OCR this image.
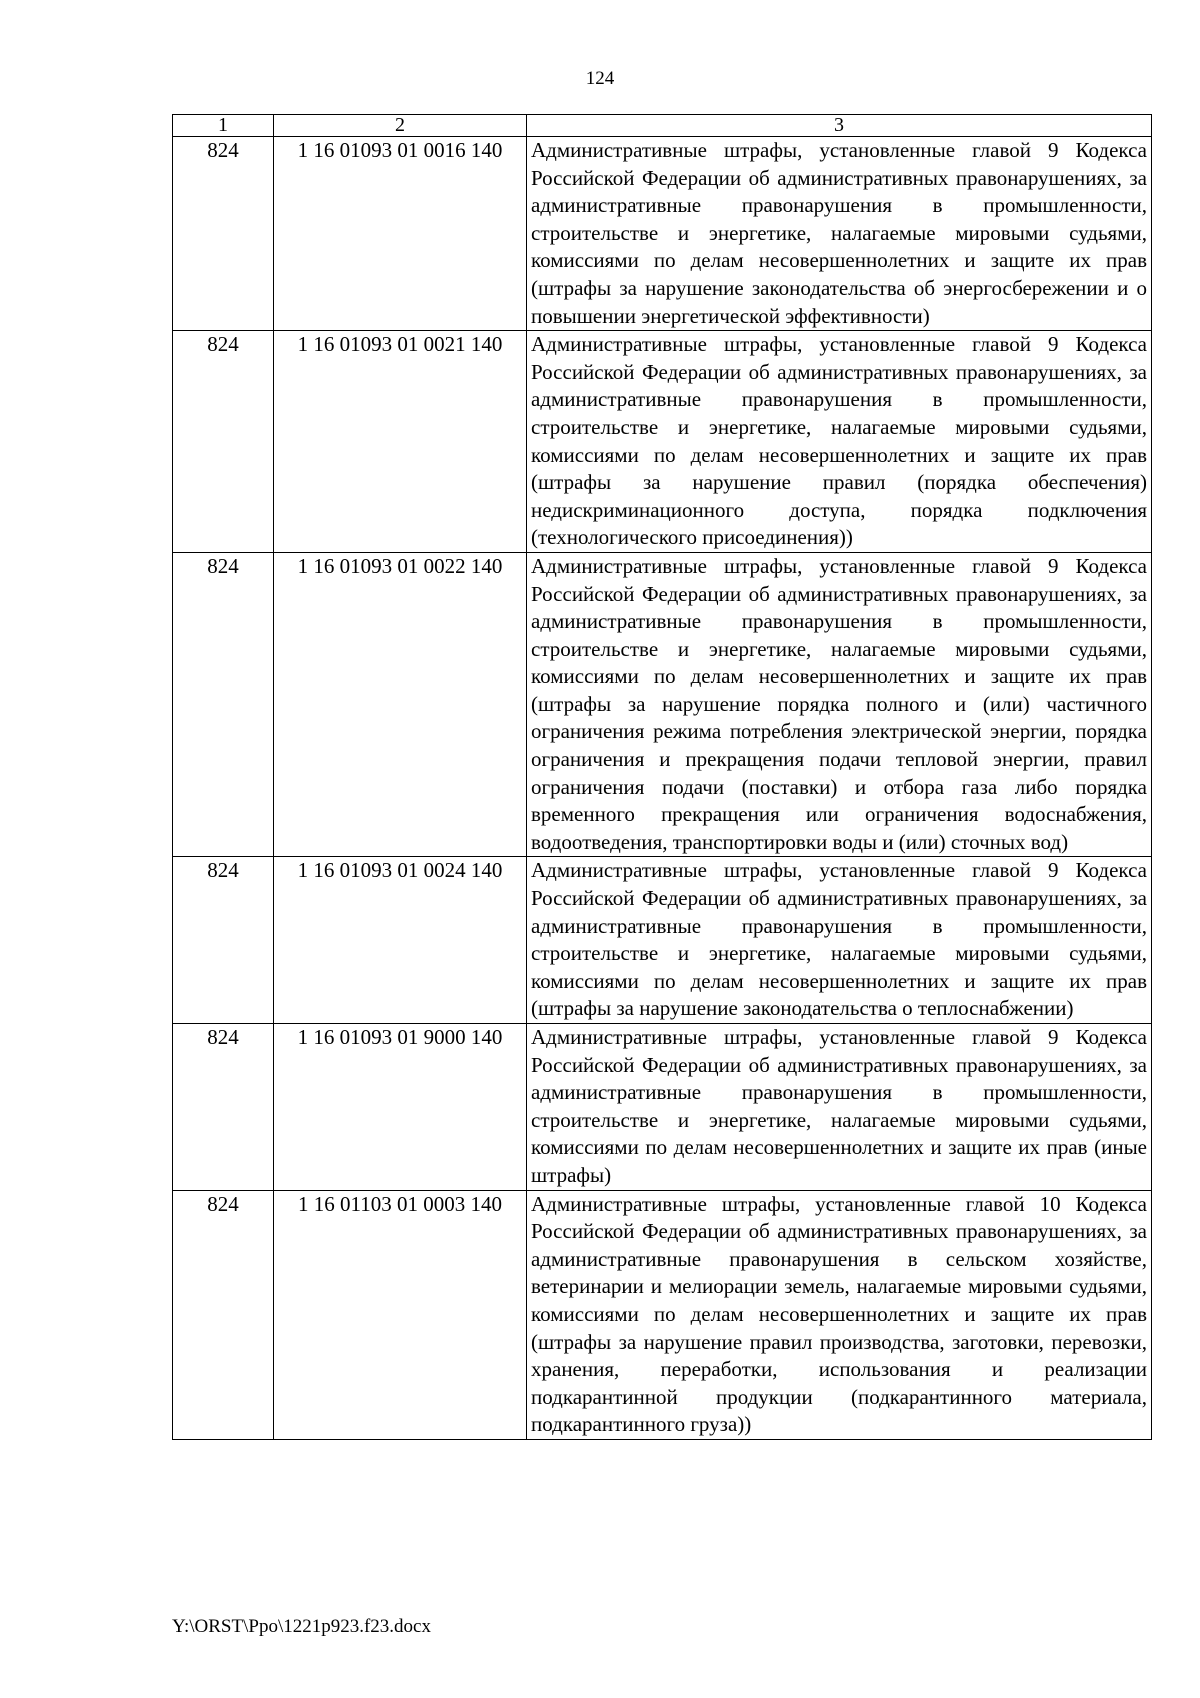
124
1	2	3
824	1 16 01093 01 0016 140	Административные штрафы, установленные главой 9 Кодекса Российской Федерации об административных правонарушениях, за административные правонарушения в промышленности, строительстве и энергетике, налагаемые мировыми судьями, комиссиями по делам несовершеннолетних и защите их прав (штрафы за нарушение законодательства об энергосбережении и о повышении энергетической эффективности)
824	1 16 01093 01 0021 140	Административные штрафы, установленные главой 9 Кодекса Российской Федерации об административных правонарушениях, за административные правонарушения в промышленности, строительстве и энергетике, налагаемые мировыми судьями, комиссиями по делам несовершеннолетних и защите их прав (штрафы за нарушение правил (порядка обеспечения) недискриминационного доступа, порядка подключения (технологического присоединения))
824	1 16 01093 01 0022 140	Административные штрафы, установленные главой 9 Кодекса Российской Федерации об административных правонарушениях, за административные правонарушения в промышленности, строительстве и энергетике, налагаемые мировыми судьями, комиссиями по делам несовершеннолетних и защите их прав (штрафы за нарушение порядка полного и (или) частичного ограничения режима потребления электрической энергии, порядка ограничения и прекращения подачи тепловой энергии, правил ограничения подачи (поставки) и отбора газа либо порядка временного прекращения или ограничения водоснабжения, водоотведения, транспортировки воды и (или) сточных вод)
824	1 16 01093 01 0024 140	Административные штрафы, установленные главой 9 Кодекса Российской Федерации об административных правонарушениях, за административные правонарушения в промышленности, строительстве и энергетике, налагаемые мировыми судьями, комиссиями по делам несовершеннолетних и защите их прав (штрафы за нарушение законодательства о теплоснабжении)
824	1 16 01093 01 9000 140	Административные штрафы, установленные главой 9 Кодекса Российской Федерации об административных правонарушениях, за административные правонарушения в промышленности, строительстве и энергетике, налагаемые мировыми судьями, комиссиями по делам несовершеннолетних и защите их прав (иные штрафы)
824	1 16 01103 01 0003 140	Административные штрафы, установленные главой 10 Кодекса Российской Федерации об административных правонарушениях, за административные правонарушения в сельском хозяйстве, ветеринарии и мелиорации земель, налагаемые мировыми судьями, комиссиями по делам несовершеннолетних и защите их прав (штрафы за нарушение правил производства, заготовки, перевозки, хранения, переработки, использования и реализации подкарантинной продукции (подкарантинного материала, подкарантинного груза))
Y:\ORST\Ppo\1221p923.f23.docx
